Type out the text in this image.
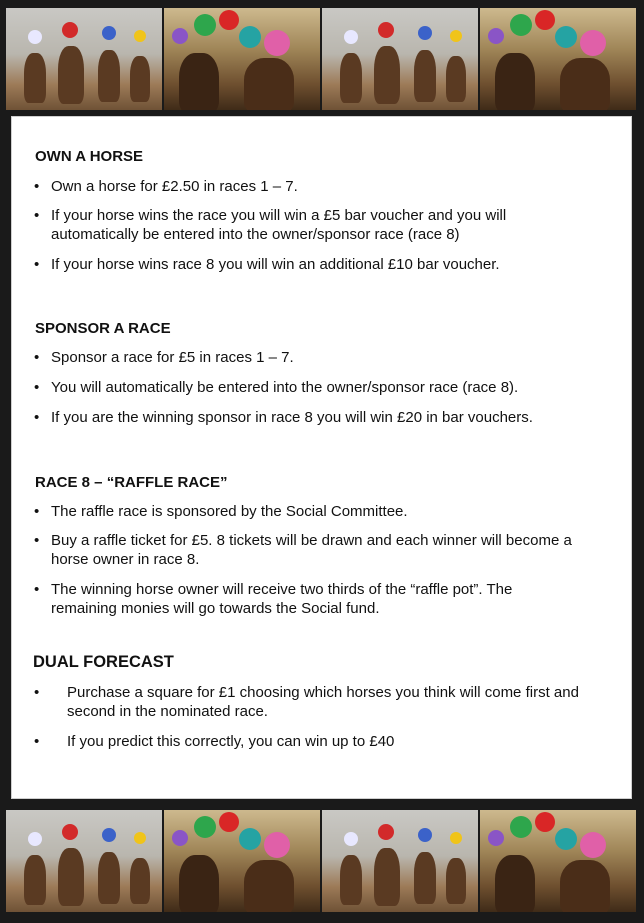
OWN A HORSE
• Own a horse for £2.50 in races 1 – 7.
• If your horse wins the race you will win a £5 bar voucher and you will automatically be entered into the owner/sponsor race (race 8)
• If your horse wins race 8 you will win an additional £10 bar voucher.
SPONSOR A RACE
• Sponsor a race for £5 in races 1 – 7.
• You will automatically be entered into the owner/sponsor race (race 8).
• If you are the winning sponsor in race 8 you will win £20 in bar vouchers.
RACE 8 – “RAFFLE RACE”
• The raffle race is sponsored by the Social Committee.
• Buy a raffle ticket for £5. 8 tickets will be drawn and each winner will become a horse owner in race 8.
• The winning horse owner will receive two thirds of the “raffle pot”. The remaining monies will go towards the Social fund.
DUAL FORECAST
•	Purchase a square for £1 choosing which horses you think will come first and second in the nominated race.
•	If you predict this correctly, you can win up to £40
